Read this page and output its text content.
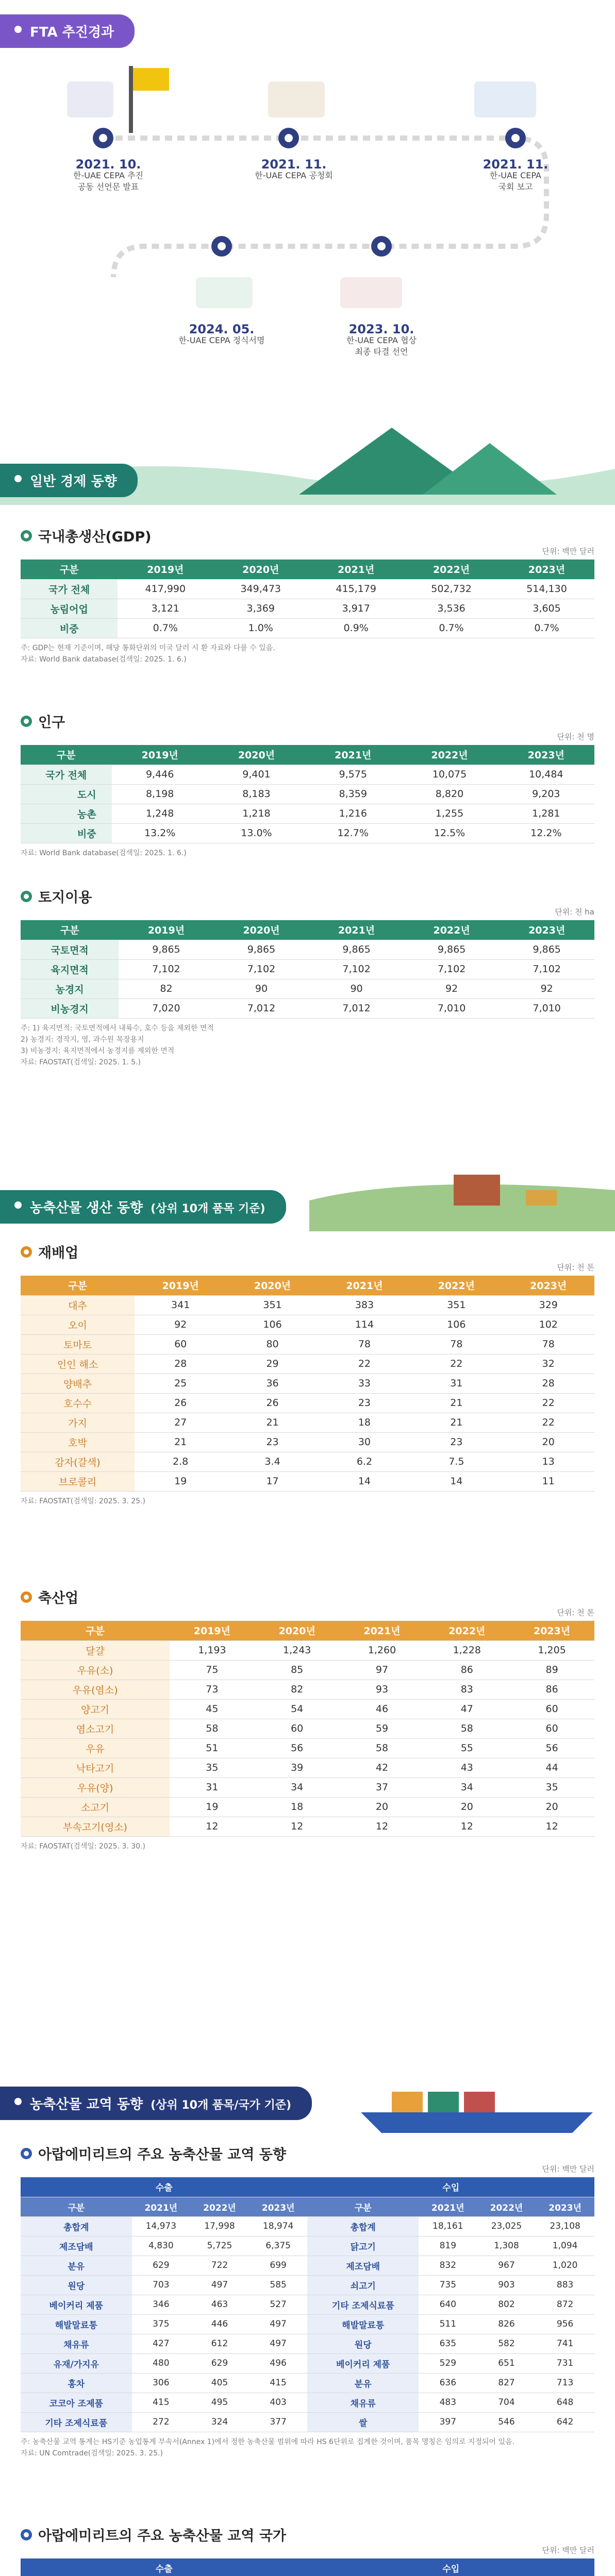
FTA 추진경과
2021. 10.
한-UAE CEPA 추진
공동 선언문 발표
2021. 11.
한-UAE CEPA 공청회
2021. 11.
한-UAE CEPA
국회 보고
2024. 05.
한-UAE CEPA 정식서명
2023. 10.
한-UAE CEPA 협상
최종 타결 선언
일반 경제 동향
국내총생산(GDP)
단위: 백만 달러
구분	2019년	2020년	2021년	2022년	2023년
국가 전체	417,990	349,473	415,179	502,732	514,130
농림어업	3,121	3,369	3,917	3,536	3,605
비중	0.7%	1.0%	0.9%	0.7%	0.7%
주: GDP는 현재 기준이며, 해당 통화단위의 미국 달러 시 환 자료와 다를 수 있음.
자료: World Bank database(검색일: 2025. 1. 6.)
인구
단위: 천 명
구분		2019년	2020년	2021년	2022년	2023년
국가 전체		9,446	9,401	9,575	10,075	10,484
	도시	8,198	8,183	8,359	8,820	9,203
	농촌	1,248	1,218	1,216	1,255	1,281
	비중	13.2%	13.0%	12.7%	12.5%	12.2%
자료: World Bank database(검색일: 2025. 1. 6.)
토지이용
단위: 천 ha
구분	2019년	2020년	2021년	2022년	2023년
국토면적	9,865	9,865	9,865	9,865	9,865
육지면적	7,102	7,102	7,102	7,102	7,102
농경지	82	90	90	92	92
비농경지	7,020	7,012	7,012	7,010	7,010
주: 1) 육지면적: 국토면적에서 내륙수, 호수 등을 제외한 면적
2) 농경지: 경작지, 영, 과수원 목장용지
3) 비농경지: 육지면적에서 농경지를 제외한 면적
자료: FAOSTAT(검색일: 2025. 1. 5.)
농축산물 생산 동향 (상위 10개 품목 기준)
재배업
단위: 천 톤
구분	2019년	2020년	2021년	2022년	2023년
대추	341	351	383	351	329
오이	92	106	114	106	102
토마토	60	80	78	78	78
인인 해소	28	29	22	22	32
양배추	25	36	33	31	28
호수수	26	26	23	21	22
가지	27	21	18	21	22
호박	21	23	30	23	20
감자(갈색)	2.8	3.4	6.2	7.5	13
브로콜리	19	17	14	14	11
자료: FAOSTAT(검색일: 2025. 3. 25.)
축산업
단위: 천 톤
구분	2019년	2020년	2021년	2022년	2023년
달걀	1,193	1,243	1,260	1,228	1,205
우유(소)	75	85	97	86	89
우유(염소)	73	82	93	83	86
양고기	45	54	46	47	60
염소고기	58	60	59	58	60
우유	51	56	58	55	56
낙타고기	35	39	42	43	44
우유(양)	31	34	37	34	35
소고기	19	18	20	20	20
부속고기(영소)	12	12	12	12	12
자료: FAOSTAT(검색일: 2025. 3. 30.)
농축산물 교역 동향 (상위 10개 품목/국가 기준)
아랍에미리트의 주요 농축산물 교역 동향
단위: 백만 달러
수출				수입			
구분	2021년	2022년	2023년	구분	2021년	2022년	2023년
총합계	14,973	17,998	18,974	총합계	18,161	23,025	23,108
제조담배	4,830	5,725	6,375	닭고기	819	1,308	1,094
분유	629	722	699	제조담배	832	967	1,020
원당	703	497	585	쇠고기	735	903	883
베이커리 제품	346	463	527	기타 조제식료품	640	802	872
해발말료통	375	446	497	해발말료통	511	826	956
채유류	427	612	497	원당	635	582	741
유재/가지유	480	629	496	베이커리 제품	529	651	731
홍차	306	405	415	분유	636	827	713
코코아 조제품	415	495	403	채유류	483	704	648
기타 조제식료품	272	324	377	쌀	397	546	642
주: 농축산물 교역 통계는 HS기준 농업통계 부속서(Annex 1)에서 정한 농축산물 범위에 따라 HS 6단위로 집계한 것이며, 품목 명칭은 임의로 지정되어 있음.
자료: UN Comtrade(검색일: 2025. 3. 25.)
아랍에미리트의 주요 농축산물 교역 국가
단위: 백만 달러
수출				수입			
